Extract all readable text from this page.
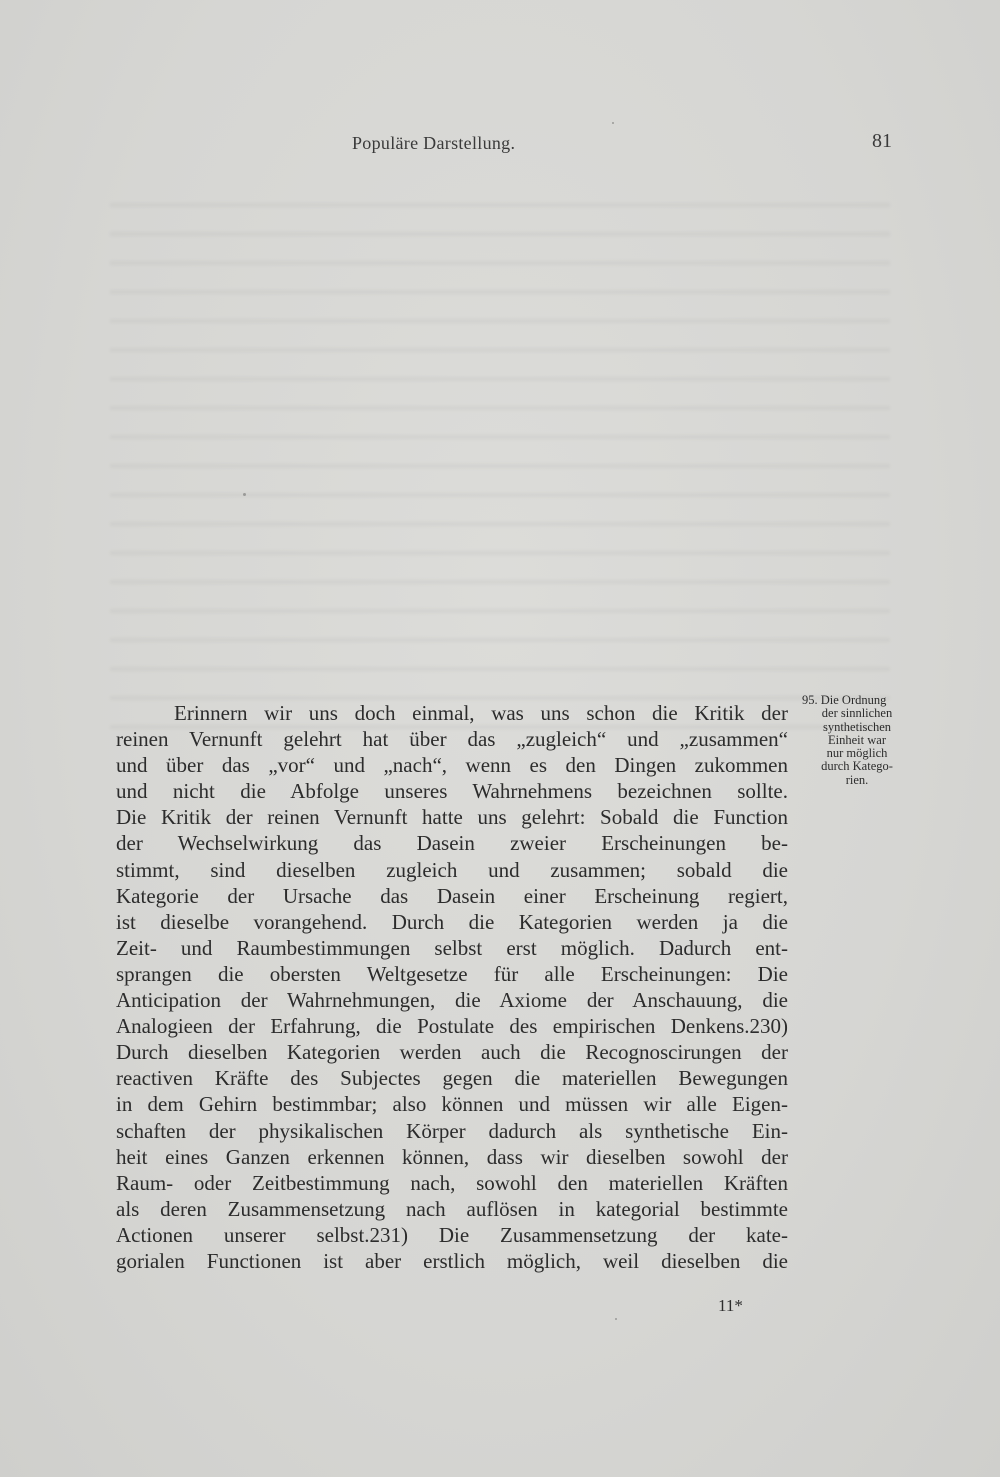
Populäre Darstellung.	81
Erinnern wir uns doch einmal, was uns schon die Kritik der
reinen Vernunft gelehrt hat über das „zugleich“ und „zusammen“
und über das „vor“ und „nach“, wenn es den Dingen zukommen
und nicht die Abfolge unseres Wahrnehmens bezeichnen sollte.
Die Kritik der reinen Vernunft hatte uns gelehrt: Sobald die Function
der Wechselwirkung das Dasein zweier Erscheinungen be-
stimmt, sind dieselben zugleich und zusammen; sobald die
Kategorie der Ursache das Dasein einer Erscheinung regiert,
ist dieselbe vorangehend. Durch die Kategorien werden ja die
Zeit- und Raumbestimmungen selbst erst möglich. Dadurch ent-
sprangen die obersten Weltgesetze für alle Erscheinungen: Die
Anticipation der Wahrnehmungen, die Axiome der Anschauung, die
Analogieen der Erfahrung, die Postulate des empirischen Denkens.230)
Durch dieselben Kategorien werden auch die Recognoscirungen der
reactiven Kräfte des Subjectes gegen die materiellen Bewegungen
in dem Gehirn bestimmbar; also können und müssen wir alle Eigen-
schaften der physikalischen Körper dadurch als synthetische Ein-
heit eines Ganzen erkennen können, dass wir dieselben sowohl der
Raum- oder Zeitbestimmung nach, sowohl den materiellen Kräften
als deren Zusammensetzung nach auflösen in kategorial bestimmte
Actionen unserer selbst.231) Die Zusammensetzung der kate-
gorialen Functionen ist aber erstlich möglich, weil dieselben die
95. Die Ordnung
der sinnlichen
synthetischen
Einheit war
nur möglich
durch Katego-
rien.
11*
